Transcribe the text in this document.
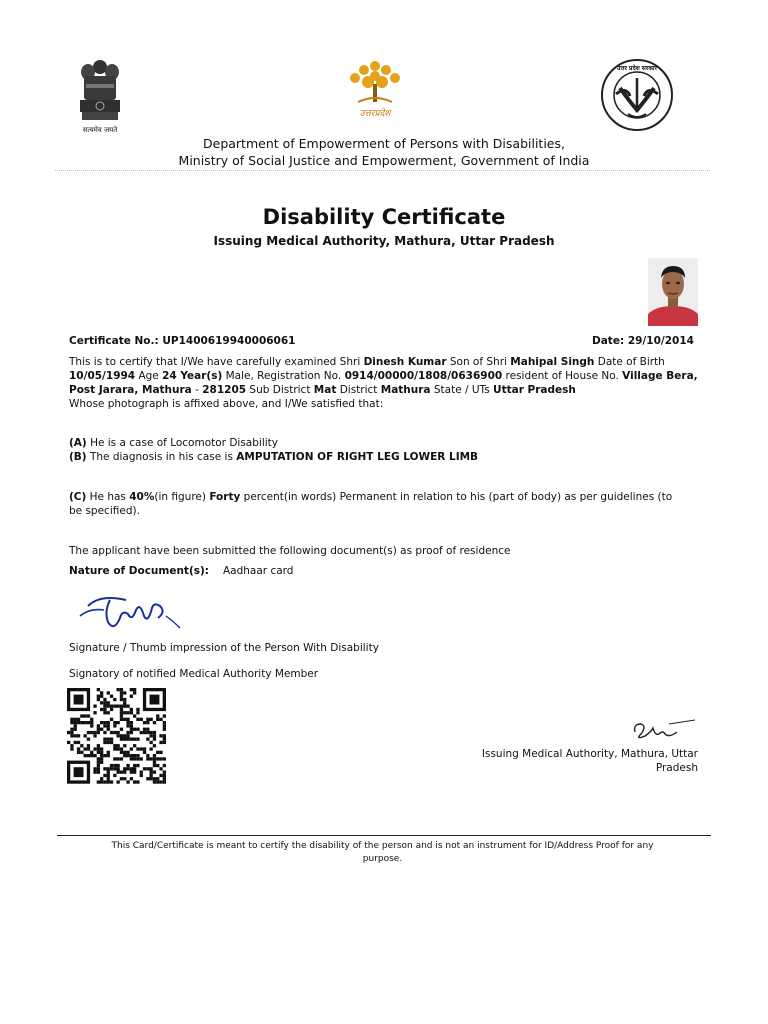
सत्यमेव जयते
उत्तरप्रदेश
उत्तर प्रदेश सरकार
Department of Empowerment of Persons with Disabilities,
Ministry of Social Justice and Empowerment, Government of India
Disability Certificate
Issuing Medical Authority, Mathura, Uttar Pradesh
Certificate No.: UP1400619940006061	Date: 29/10/2014
This is to certify that I/We have carefully examined Shri Dinesh Kumar Son of Shri Mahipal Singh Date of Birth
10/05/1994 Age 24 Year(s) Male, Registration No. 0914/00000/1808/0636900 resident of House No. Village Bera,
Post Jarara, Mathura - 281205 Sub District Mat District Mathura State / UTs Uttar Pradesh
Whose photograph is affixed above, and I/We satisfied that:
(A) He is a case of Locomotor Disability
(B) The diagnosis in his case is AMPUTATION OF RIGHT LEG LOWER LIMB
(C) He has 40%(in figure) Forty percent(in words) Permanent in relation to his (part of body) as per guidelines (to
be specified).
The applicant have been submitted the following document(s) as proof of residence
Nature of Document(s): Aadhaar card
Signature / Thumb impression of the Person With Disability
Signatory of notified Medical Authority Member
Issuing Medical Authority, Mathura, Uttar Pradesh
This Card/Certificate is meant to certify the disability of the person and is not an instrument for ID/Address Proof for any
purpose.
